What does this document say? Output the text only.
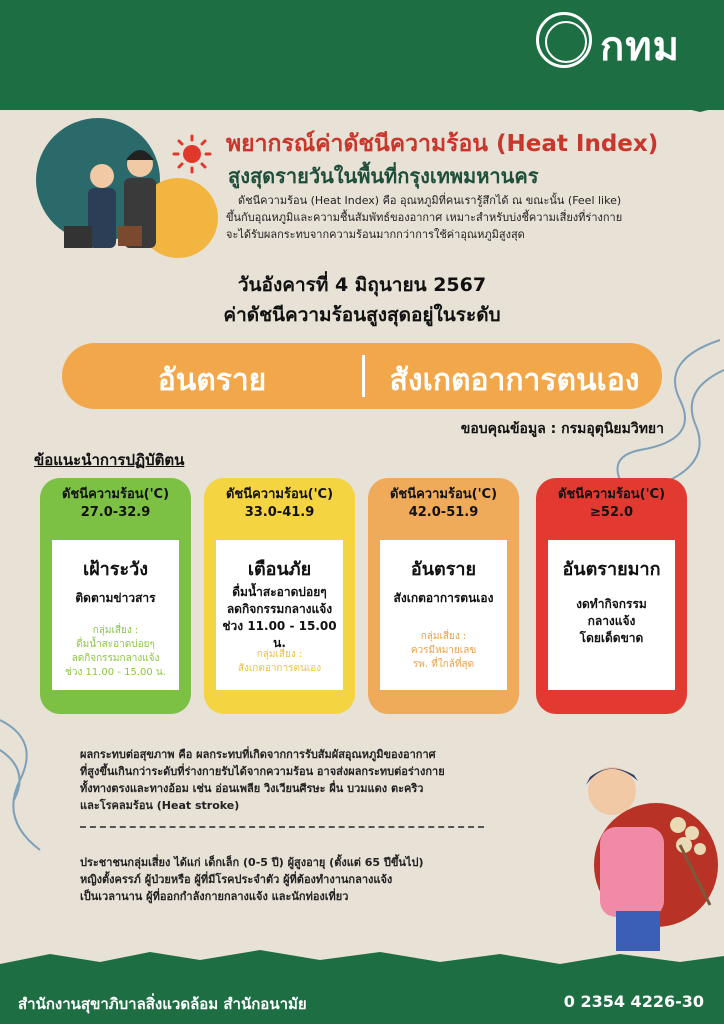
กทม
พยากรณ์ค่าดัชนีความร้อน (Heat Index)
สูงสุดรายวันในพื้นที่กรุงเทพมหานคร

ดัชนีความร้อน (Heat Index) คือ อุณหภูมิที่คนเรารู้สึกได้ ณ ขณะนั้น (Feel like)

ขึ้นกับอุณหภูมิและความชื้นสัมพัทธ์ของอากาศ เหมาะสำหรับบ่งชี้ความเสี่ยงที่ร่างกาย

จะได้รับผลกระทบจากความร้อนมากกว่าการใช้ค่าอุณหภูมิสูงสุด

วันอังคารที่ 4 มิถุนายน 2567
ค่าดัชนีความร้อนสูงสุดอยู่ในระดับ
อันตราย	สังเกตอาการตนเอง
ขอบคุณข้อมูล : กรมอุตุนิยมวิทยา
ข้อแนะนำการปฏิบัติตน
ดัชนีความร้อน('C)
27.0-32.9
เฝ้าระวัง
ติดตามข่าวสาร
กลุ่มเสี่ยง :
ดื่มน้ำสะอาดบ่อยๆ
ลดกิจกรรมกลางแจ้ง
ช่วง 11.00 - 15.00 น.
ดัชนีความร้อน('C)
33.0-41.9
เตือนภัย
ดื่มน้ำสะอาดบ่อยๆ
ลดกิจกรรมกลางแจ้ง
ช่วง 11.00 - 15.00 น.
กลุ่มเสี่ยง :
สังเกตอาการตนเอง
ดัชนีความร้อน('C)
42.0-51.9
อันตราย
สังเกตอาการตนเอง
กลุ่มเสี่ยง :
ควรมีหมายเลข
รพ. ที่ใกล้ที่สุด
ดัชนีความร้อน('C)
≥52.0
อันตรายมาก
งดทำกิจกรรม
กลางแจ้ง
โดยเด็ดขาด

ผลกระทบต่อสุขภาพ คือ ผลกระทบที่เกิดจากการรับสัมผัสอุณหภูมิของอากาศ

ที่สูงขึ้นเกินกว่าระดับที่ร่างกายรับได้จากความร้อน อาจส่งผลกระทบต่อร่างกาย

ทั้งทางตรงและทางอ้อม เช่น อ่อนเพลีย วิงเวียนศีรษะ ผื่น บวมแดง ตะคริว

และโรคลมร้อน (Heat stroke)

ประชาชนกลุ่มเสี่ยง ได้แก่ เด็กเล็ก (0-5 ปี) ผู้สูงอายุ (ตั้งแต่ 65 ปีขึ้นไป)

หญิงตั้งครรภ์ ผู้ป่วยหรือ ผู้ที่มีโรคประจำตัว ผู้ที่ต้องทำงานกลางแจ้ง

เป็นเวลานาน ผู้ที่ออกกำลังกายกลางแจ้ง และนักท่องเที่ยว

สำนักงานสุขาภิบาลสิ่งแวดล้อม สำนักอนามัย	0 2354 4226-30
